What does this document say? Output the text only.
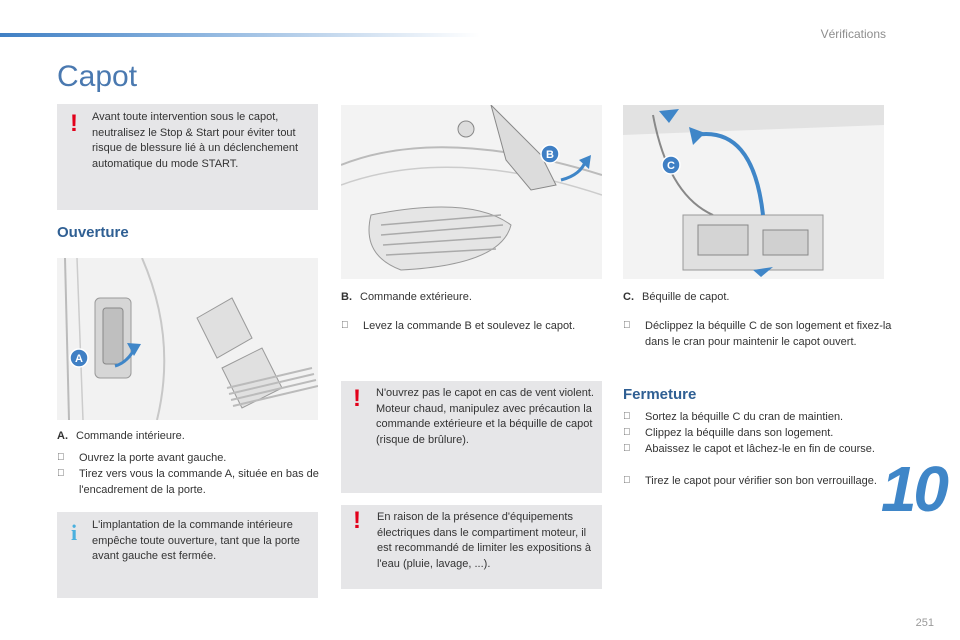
Vérifications
Capot
! Avant toute intervention sous le capot, neutralisez le Stop & Start pour éviter tout risque de blessure lié à un déclenchement automatique du mode START.
Ouverture
A
A. Commande intérieure.
Ouvrez la porte avant gauche.
Tirez vers vous la commande A, située en bas de l'encadrement de la porte.
i L'implantation de la commande intérieure empêche toute ouverture, tant que la porte avant gauche est fermée.
B
B. Commande extérieure.
Levez la commande B et soulevez le capot.
! N'ouvrez pas le capot en cas de vent violent.
Moteur chaud, manipulez avec précaution la commande extérieure et la béquille de capot (risque de brûlure).
! En raison de la présence d'équipements électriques dans le compartiment moteur, il est recommandé de limiter les expositions à l'eau (pluie, lavage, ...).
C
C. Béquille de capot.
Déclippez la béquille C de son logement et fixez-la dans le cran pour maintenir le capot ouvert.
Fermeture
Sortez la béquille C du cran de maintien.
Clippez la béquille dans son logement.
Abaissez le capot et lâchez-le en fin de course.
Tirez le capot pour vérifier son bon verrouillage. 10
251
